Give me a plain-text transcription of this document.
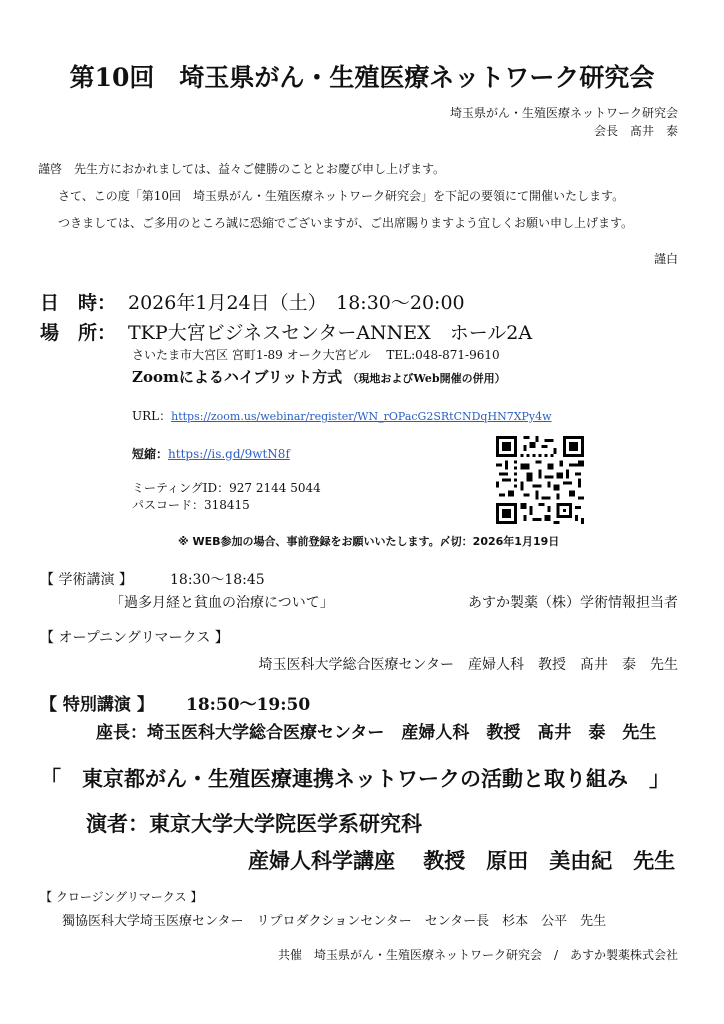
第10回　埼玉県がん・生殖医療ネットワーク研究会
埼玉県がん・生殖医療ネットワーク研究会
会長　髙井　泰
謹啓　先生方におかれましては、益々ご健勝のこととお慶び申し上げます。
さて、この度「第10回　埼玉県がん・生殖医療ネットワーク研究会」を下記の要領にて開催いたします。
つきましては、ご多用のところ誠に恐縮でございますが、ご出席賜りますよう宜しくお願い申し上げます。
謹白
日　時： 2026年1月24日（土）　18:30〜20:00
場　所： TKP大宮ビジネスセンターANNEX　ホール2A
さいたま市大宮区 宮町1-89 オーク大宮ビル　 TEL:048-871-9610
Zoomによるハイブリット方式 （現地およびWeb開催の併用）
URL：https://zoom.us/webinar/register/WN_rOPacG2SRtCNDqHN7XPy4w
短縮：https://is.gd/9wtN8f
ミーティングID：927 2144 5044
パスコード：318415
※ WEB参加の場合、事前登録をお願いいたします。〆切：2026年1月19日
【 学術講演 】	18:30〜18:45
「過多月経と貧血の治療について」	あすか製薬（株）学術情報担当者
【 オープニングリマークス 】
埼玉医科大学総合医療センター　産婦人科　教授　髙井　泰　先生
【 特別講演 】 18:50〜19:50
座長：埼玉医科大学総合医療センター　産婦人科　教授　髙井　泰　先生
「　東京都がん・生殖医療連携ネットワークの活動と取り組み　」
演者：東京大学大学院医学系研究科
産婦人科学講座　 教授　原田　美由紀　先生
【 クロージングリマークス 】
獨協医科大学埼玉医療センター　リプロダクションセンター　センター長　杉本　公平　先生
共催　埼玉県がん・生殖医療ネットワーク研究会　/　あすか製薬株式会社
